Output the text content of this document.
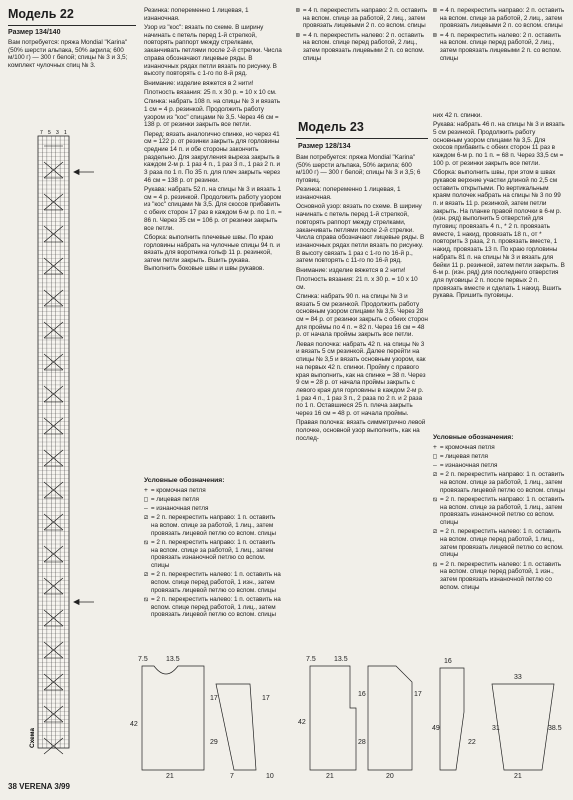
Модель 22
Размер 134/140
Вам потребуется: пряжа Mondial "Karina" (50% шерсти альпака, 50% акрила; 600 м/100 г) — 300 г белой; спицы № 3 и 3,5; комплект чулочных спиц № 3.
7 5 3 1
Схема

Резинка: попеременно 1 лицевая, 1 изнаночная.

Узор из "кос": вязать по схеме. В ширину начинать с петель перед 1-й стрелкой, повторять раппорт между стрелками, заканчивать петлями после 2-й стрелки. Числа справа обозначают лицевые ряды. В изнаночных рядах петли вязать по рисунку. В высоту повторять с 1-го по 8-й ряд.

Внимание: изделие вяжется в 2 нити!

Плотность вязания: 25 п. х 30 р. = 10 х 10 см.

Спинка: набрать 108 п. на спицы № 3 и вязать 1 см = 4 р. резинкой. Продолжить работу узором из "кос" спицами № 3,5. Через 46 см = 138 р. от резинки закрыть все петли.

Перед: вязать аналогично спинке, но через 41 см = 122 р. от резинки закрыть для горловины средние 14 п. и обе стороны закончить раздельно. Для закругления выреза закрыть в каждом 2-м р. 1 раз 4 п., 1 раз 3 п., 1 раз 2 п. и 3 раза по 1 п. По 35 п. для плеч закрыть через 46 см = 138 р. от резинки.

Рукава: набрать 52 п. на спицы № 3 и вязать 1 см = 4 р. резинкой. Продолжить работу узором из "кос" спицами № 3,5. Для скосов прибавить с обеих сторон 17 раз в каждом 6-м р. по 1 п. = 86 п. Через 35 см = 106 р. от резинки закрыть все петли.

Сборка: выполнить плечевые швы. По краю горловины набрать на чулочные спицы 94 п. и вязать для воротника гольф 11 р. резинкой, затем петли закрыть. Вшить рукава. Выполнить боковые швы и швы рукавов.

Условные обозначения:
+ = кромочная петля
□ = лицевая петля
— = изнаночная петля
⧄ = 2 п. перекрестить направо: 1 п. оставить на вспом. спице за работой, 1 лиц., затем провязать лицевой петлю со вспом. спицы
⧅ = 2 п. перекрестить направо: 1 п. оставить на вспом. спице за работой, 1 лиц., затем провязать изнаночной петлю со вспом. спицы
⧄ = 2 п. перекрестить налево: 1 п. оставить на вспом. спице перед работой, 1 изн., затем провязать лицевой петлю со вспом. спицы
⧅ = 2 п. перекрестить налево: 1 п. оставить на вспом. спице перед работой, 1 лиц., затем провязать лицевой петлю со вспом. спицы
⊠ = 4 п. перекрестить направо: 2 п. оставить на вспом. спице за работой, 2 лиц., затем провязать лицевыми 2 п. со вспом. спицы
⊠ = 4 п. перекрестить налево: 2 п. оставить на вспом. спице перед работой, 2 лиц., затем провязать лицевыми 2 п. со вспом. спицы
Модель 23
Размер 128/134

Вам потребуется: пряжа Mondial "Karina" (50% шерсти альпака, 50% акрила; 600 м/100 г) — 300 г белой; спицы № 3 и 3,5; 6 пуговиц.

Резинка: попеременно 1 лицевая, 1 изнаночная.

Основной узор: вязать по схеме. В ширину начинать с петель перед 1-й стрелкой, повторять раппорт между стрелками, заканчивать петлями после 2-й стрелки. Числа справа обозначают лицевые ряды. В изнаночных рядах петли вязать по рисунку. В высоту связать 1 раз с 1-го по 16-й р., затем повторять с 11-го по 16-й ряд.

Внимание: изделие вяжется в 2 нити!

Плотность вязания: 21 п. х 30 р. = 10 х 10 см.

Спинка: набрать 90 п. на спицы № 3 и вязать 5 см резинкой. Продолжить работу основным узором спицами № 3,5. Через 28 см = 84 р. от резинки закрыть с обеих сторон для проймы по 4 п. = 82 п. Через 16 см = 48 р. от начала проймы закрыть все петли.

Левая полочка: набрать 42 п. на спицы № 3 и вязать 5 см резинкой. Далее перейти на спицы № 3,5 и вязать основным узором, как на первых 42 п. спинки. Пройму с правого края выполнить, как на спинке = 38 п. Через 9 см = 28 р. от начала проймы закрыть с левого края для горловины в каждом 2-м р. 1 раз 4 п., 1 раз 3 п., 2 раза по 2 п. и 2 раза по 1 п. Оставшиеся 25 п. плеча закрыть через 16 см = 48 р. от начала проймы.

Правая полочка: вязать симметрично левой полочке, основной узор выполнить, как на послед-

⊠ = 4 п. перекрестить направо: 2 п. оставить на вспом. спице за работой, 2 лиц., затем провязать лицевыми 2 п. со вспом. спицы
⊠ = 4 п. перекрестить налево: 2 п. оставить на вспом. спице перед работой, 2 лиц., затем провязать лицевыми 2 п. со вспом. спицы

них 42 п. спинки.

Рукава: набрать 46 п. на спицы № 3 и вязать 5 см резинкой. Продолжить работу основным узором спицами № 3,5. Для скосов прибавить с обеих сторон 11 раз в каждом 6-м р. по 1 п. = 68 п. Через 33,5 см = 100 р. от резинки закрыть все петли.

Сборка: выполнить швы, при этом в швах рукавов верхние участки длиной по 2,5 см оставить открытыми. По вертикальным краям полочек набрать на спицы № 3 по 99 п. и вязать 11 р. резинкой, затем петли закрыть. На планке правой полочки в 6-м р. (изн. ряд) выполнить 5 отверстий для пуговиц: провязать 4 п., * 2 п. провязать вместе, 1 накид, провязать 18 п., от * повторить 3 раза, 2 п. провязать вместе, 1 накид, провязать 13 п. По краю горловины набрать 81 п. на спицы № 3 и вязать для бейки 11 р. резинкой, затем петли закрыть. В 6-м р. (изн. ряд) для последнего отверстия для пуговицы 2 п. после первых 2 п. провязать вместе и сделать 1 накид. Вшить рукава. Пришить пуговицы.

Условные обозначения:
+ = кромочная петля
□ = лицевая петля
— = изнаночная петля
⧄ = 2 п. перекрестить направо: 1 п. оставить на вспом. спице за работой, 1 лиц., затем провязать лицевой петлю со вспом. спицы
⧅ = 2 п. перекрестить направо: 1 п. оставить на вспом. спице за работой, 1 лиц., затем провязать изнаночной петлю со вспом. спицы
⧄ = 2 п. перекрестить налево: 1 п. оставить на вспом. спице перед работой, 1 лиц., затем провязать лицевой петлю со вспом. спицы
⧅ = 2 п. перекрестить налево: 1 п. оставить на вспом. спице перед работой, 1 изн., затем провязать изнаночной петлю со вспом. спицы
7.5	13.5
17	17
42
29
21	7	10
7.5	13.5
16	17
42
28
21	20
16
33
22
21
38.5
49	31
38 VERENA 3/99
